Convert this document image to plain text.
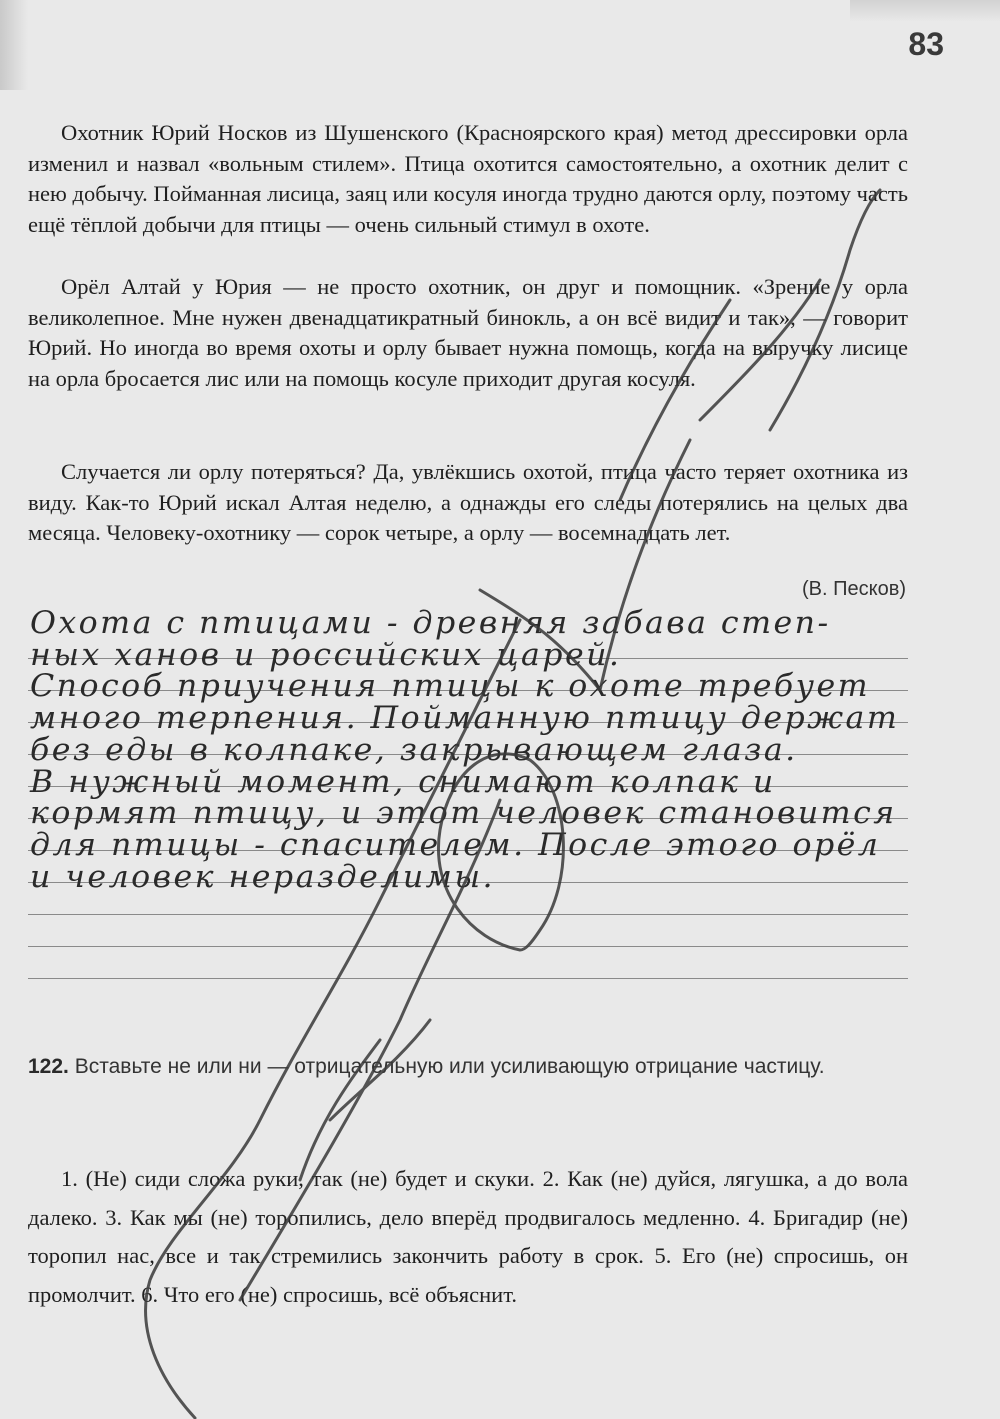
83

Охотник Юрий Носков из Шушенского (Красноярского края) метод дрессировки орла изменил и назвал «вольным стилем». Птица охотится самостоятельно, а охотник делит с нею добычу. Пойманная лисица, заяц или косуля иногда трудно даются орлу, поэтому часть ещё тёплой добычи для птицы — очень сильный стимул в охоте.

Орёл Алтай у Юрия — не просто охотник, он друг и помощник. «Зрение у орла великолепное. Мне нужен двенадцатикратный бинокль, а он всё видит и так», — говорит Юрий. Но иногда во время охоты и орлу бывает нужна помощь, когда на выручку лисице на орла бросается лис или на помощь косуле приходит другая косуля.

Случается ли орлу потеряться? Да, увлёкшись охотой, птица часто теряет охотника из виду. Как-то Юрий искал Алтая неделю, а однажды его следы потерялись на целых два месяца. Человеку-охотнику — сорок четыре, а орлу — восемнадцать лет.

(В. Песков)
Охота с птицами - древняя забава степ-
ных ханов и российских царей.
Способ приучения птицы к охоте требует
много терпения. Пойманную птицу держат
без еды в колпаке, закрывающем глаза.
В нужный момент, снимают колпак и
кормят птицу, и этот человек становится
для птицы - спасителем. После этого орёл
и человек неразделимы.

122. Вставьте не или ни — отрицательную или усиливающую отрицание частицу.

1. (Не) сиди сложа руки, так (не) будет и скуки. 2. Как (не) дуйся, лягушка, а до вола далеко. 3. Как мы (не) торопились, дело вперёд продвигалось медленно. 4. Бригадир (не) торопил нас, все и так стремились закончить работу в срок. 5. Его (не) спросишь, он промолчит. 6. Что его (не) спросишь, всё объяснит.
